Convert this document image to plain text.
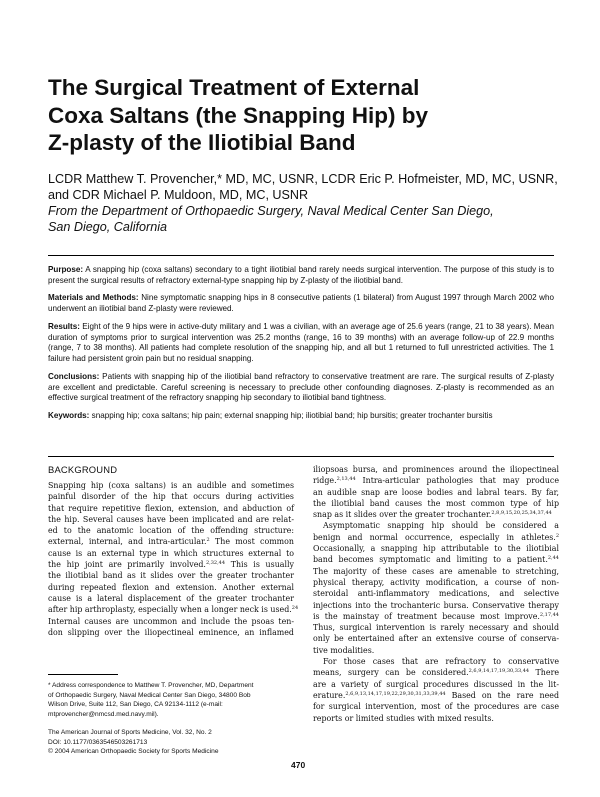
The Surgical Treatment of External
Coxa Saltans (the Snapping Hip) by
Z-plasty of the Iliotibial Band
LCDR Matthew T. Provencher,* MD, MC, USNR, LCDR Eric P. Hofmeister, MD, MC, USNR,
and CDR Michael P. Muldoon, MD, MC, USNR
From the Department of Orthopaedic Surgery, Naval Medical Center San Diego,
San Diego, California

Purpose: A snapping hip (coxa saltans) secondary to a tight iliotibial band rarely needs surgical intervention. The purpose of this study is to present the surgical results of refractory external-type snapping hip by Z-plasty of the iliotibial band.

Materials and Methods: Nine symptomatic snapping hips in 8 consecutive patients (1 bilateral) from August 1997 through March 2002 who underwent an iliotibial band Z-plasty were reviewed.

Results: Eight of the 9 hips were in active-duty military and 1 was a civilian, with an average age of 25.6 years (range, 21 to 38 years). Mean duration of symptoms prior to surgical intervention was 25.2 months (range, 16 to 39 months) with an average follow-up of 22.9 months (range, 7 to 38 months). All patients had complete resolution of the snapping hip, and all but 1 returned to full unrestricted activities. The 1 failure had persistent groin pain but no residual snapping.

Conclusions: Patients with snapping hip of the iliotibial band refractory to conservative treatment are rare. The surgical results of Z-plasty are excellent and predictable. Careful screening is necessary to preclude other confounding diagnoses. Z-plasty is recommended as an effective surgical treatment of the refractory snapping hip secondary to iliotibial band tightness.

Keywords: snapping hip; coxa saltans; hip pain; external snapping hip; iliotibial band; hip bursitis; greater trochanter bursitis

BACKGROUND
Snapping hip (coxa saltans) is an audible and sometimes
painful disorder of the hip that occurs during activities
that require repetitive flexion, extension, and abduction of
the hip. Several causes have been implicated and are relat-
ed to the anatomic location of the offending structure:
external, internal, and intra-articular.$^2$ The most common
cause is an external type in which structures external to
the hip joint are primarily involved.$^{2,32,44}$ This is usually
the iliotibial band as it slides over the greater trochanter
during repeated flexion and extension. Another external
cause is a lateral displacement of the greater trochanter
after hip arthroplasty, especially when a longer neck is used.$^{24}$
Internal causes are uncommon and include the psoas ten-
don slipping over the iliopectineal eminence, an inflamed
iliopsoas bursa, and prominences around the iliopectineal
ridge.$^{2,13,44}$ Intra-articular pathologies that may produce
an audible snap are loose bodies and labral tears. By far,
the iliotibial band causes the most common type of hip
snap as it slides over the greater trochanter.$^{2,8,9,15,20,25,34,37,44}$
Asymptomatic snapping hip should be considered a
benign and normal occurrence, especially in athletes.$^2$
Occasionally, a snapping hip attributable to the iliotibial
band becomes symptomatic and limiting to a patient.$^{2,44}$
The majority of these cases are amenable to stretching,
physical therapy, activity modification, a course of non-
steroidal anti-inflammatory medications, and selective
injections into the trochanteric bursa. Conservative therapy
is the mainstay of treatment because most improve.$^{2,17,44}$
Thus, surgical intervention is rarely necessary and should
only be entertained after an extensive course of conserva-
tive modalities.
For those cases that are refractory to conservative
means, surgery can be considered.$^{2,6,9,14,17,19,30,33,44}$ There
are a variety of surgical procedures discussed in the lit-
erature.$^{2,6,9,13,14,17,19,22,29,30,31,33,39,44}$ Based on the rare need
for surgical intervention, most of the procedures are case
reports or limited studies with mixed results.
* Address correspondence to Matthew T. Provencher, MD, Department
of Orthopaedic Surgery, Naval Medical Center San Diego, 34800 Bob
Wilson Drive, Suite 112, San Diego, CA 92134-1112 (e-mail:
mtprovencher@nmcsd.med.navy.mil).
The American Journal of Sports Medicine, Vol. 32, No. 2
DOI: 10.1177/0363546503261713
© 2004 American Orthopaedic Society for Sports Medicine
470
